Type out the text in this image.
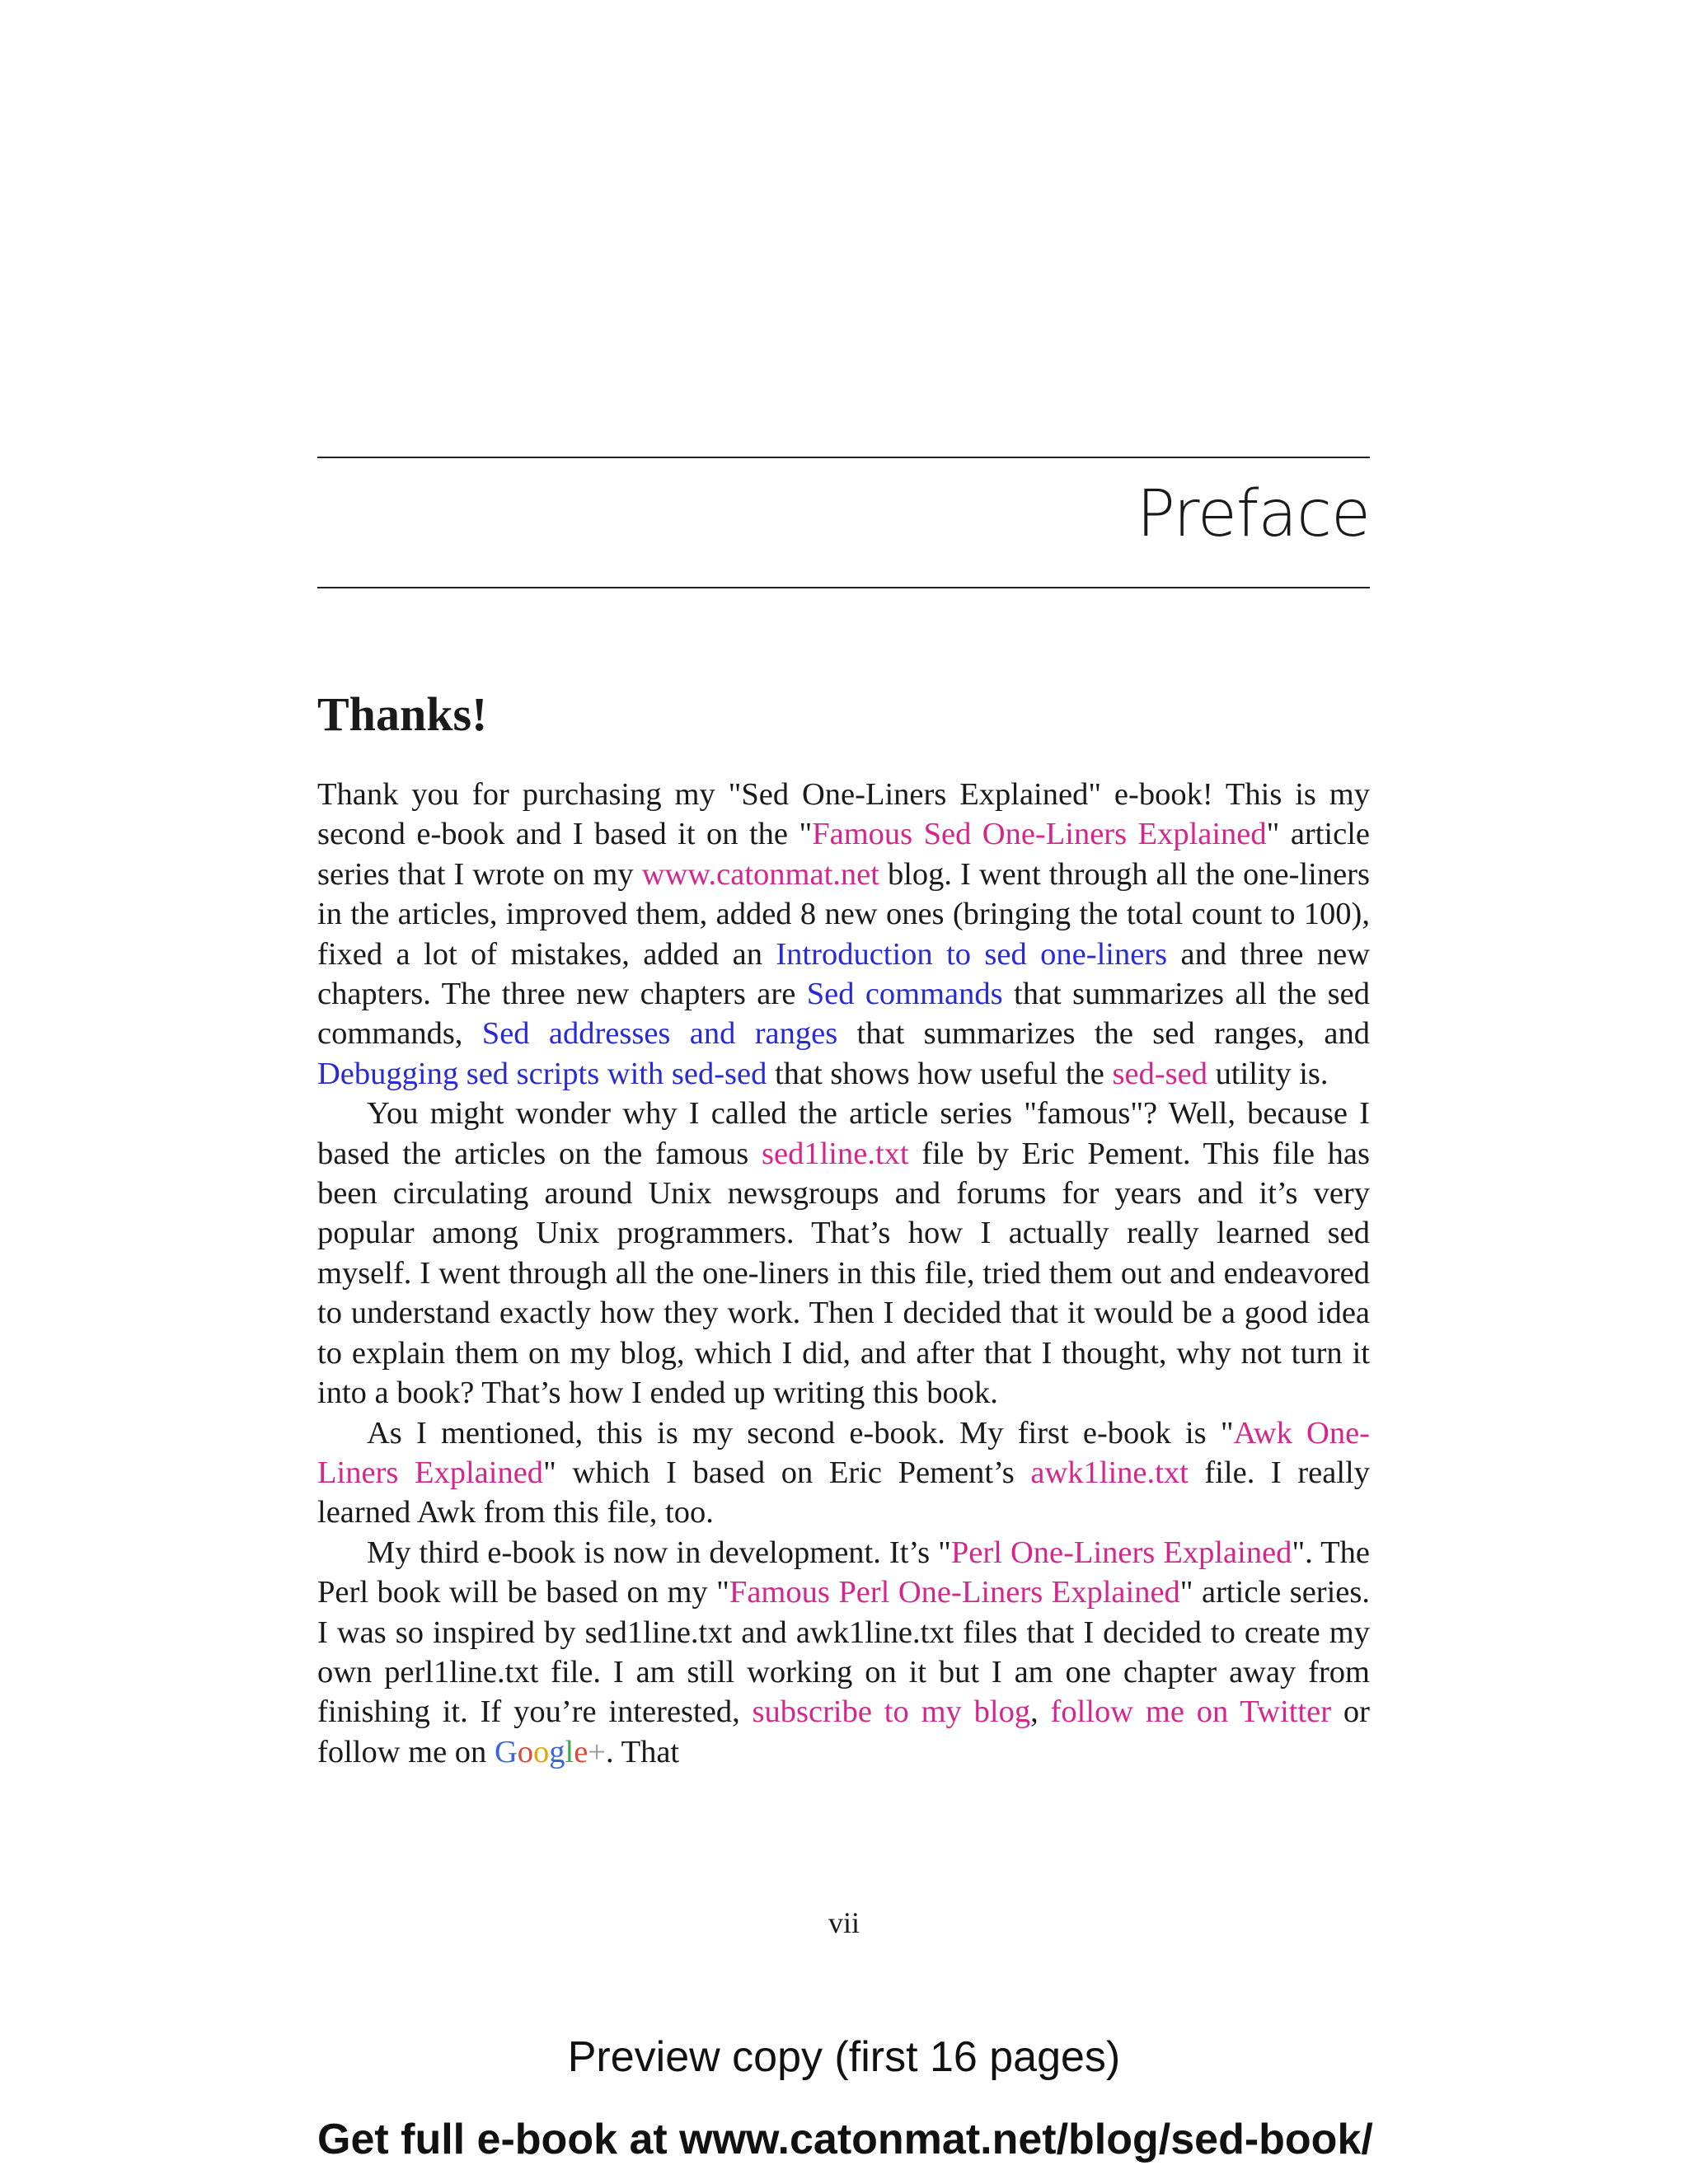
Preface
Thanks!

Thank you for purchasing my "Sed One-Liners Explained" e-book! This is my second e-book and I based it on the "Famous Sed One-Liners Explained" article series that I wrote on my www.catonmat.net blog. I went through all the one-liners in the articles, improved them, added 8 new ones (bringing the total count to 100), fixed a lot of mistakes, added an Introduction to sed one-liners and three new chapters. The three new chapters are Sed commands that summarizes all the sed commands, Sed addresses and ranges that summarizes the sed ranges, and Debugging sed scripts with sed-sed that shows how useful the sed-sed utility is.

You might wonder why I called the article series "famous"? Well, because I based the articles on the famous sed1line.txt file by Eric Pement. This file has been circulating around Unix newsgroups and forums for years and it’s very popular among Unix programmers. That’s how I actually really learned sed myself. I went through all the one-liners in this file, tried them out and endeavored to understand exactly how they work. Then I decided that it would be a good idea to explain them on my blog, which I did, and after that I thought, why not turn it into a book? That’s how I ended up writing this book.

As I mentioned, this is my second e-book. My first e-book is "Awk One-Liners Explained" which I based on Eric Pement’s awk1line.txt file. I really learned Awk from this file, too.

My third e-book is now in development. It’s "Perl One-Liners Explained". The Perl book will be based on my "Famous Perl One-Liners Explained" article series. I was so inspired by sed1line.txt and awk1line.txt files that I decided to create my own perl1line.txt file. I am still working on it but I am one chapter away from finishing it. If you’re interested, subscribe to my blog, follow me on Twitter or follow me on Google+. That

vii
Preview copy (first 16 pages)
Get full e-book at www.catonmat.net/blog/sed-book/
